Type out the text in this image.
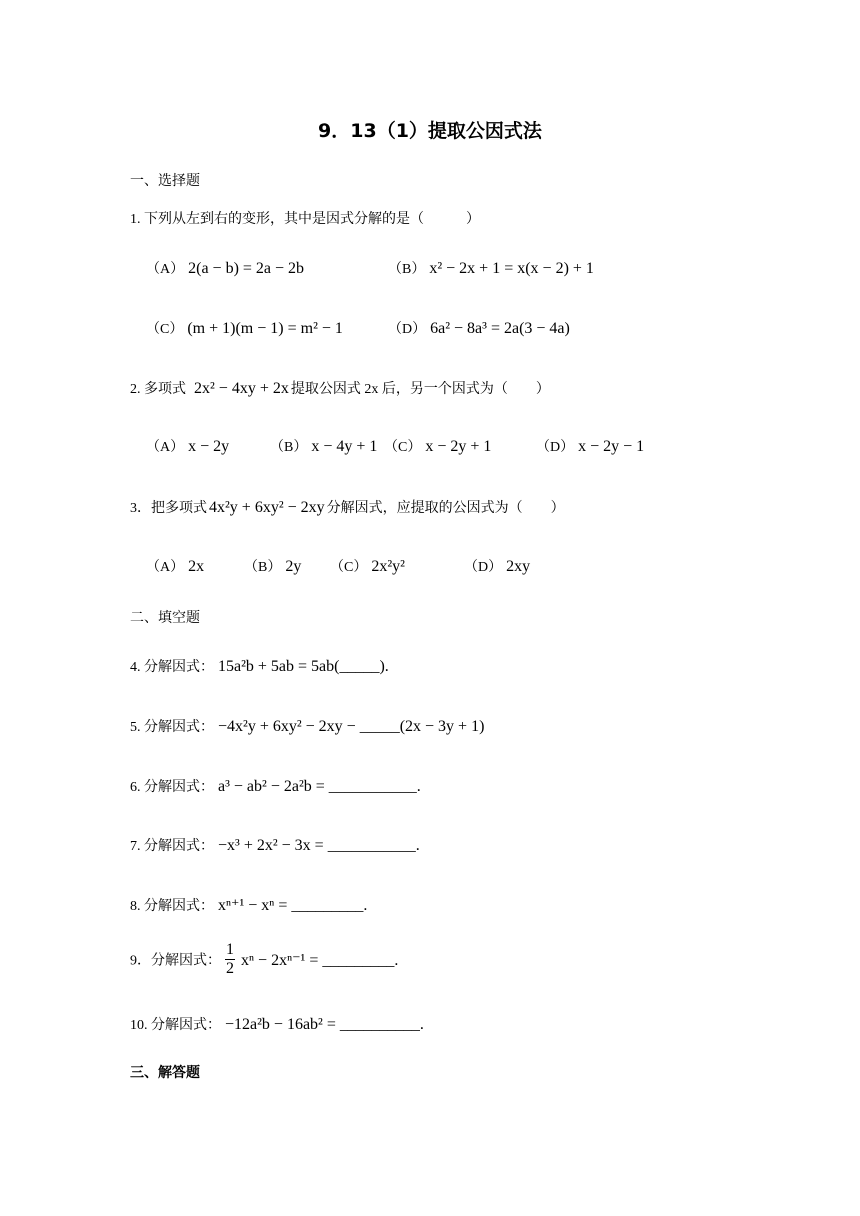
9．13（1）提取公因式法
一、选择题
1. 下列从左到右的变形，其中是因式分解的是（　　　）
（A） 2(a − b) = 2a − 2b	（B） x² − 2x + 1 = x(x − 2) + 1
（C） (m + 1)(m − 1) = m² − 1	（D） 6a² − 8a³ = 2a(3 − 4a)
2. 多项式 2x² − 4xy + 2x 提取公因式 2x 后，另一个因式为（　　）
（A） x − 2y	（B） x − 4y + 1 （C） x − 2y + 1	（D） x − 2y − 1
3．把多项式 4x²y + 6xy² − 2xy 分解因式，应提取的公因式为（　　）
（A） 2x	（B） 2y （C） 2x²y²	（D） 2xy
二、填空题
4. 分解因式： 15a²b + 5ab = 5ab(_____).
5. 分解因式： −4x²y + 6xy² − 2xy − _____(2x − 3y + 1)
6. 分解因式： a³ − ab² − 2a²b = ___________.
7. 分解因式： −x³ + 2x² − 3x = ___________.
8. 分解因式： xⁿ⁺¹ − xⁿ = _________.
9．分解因式： $\frac{1}{2}$ xⁿ − 2xⁿ⁻¹ = _________.
10. 分解因式： −12a²b − 16ab² = __________.
三、解答题
